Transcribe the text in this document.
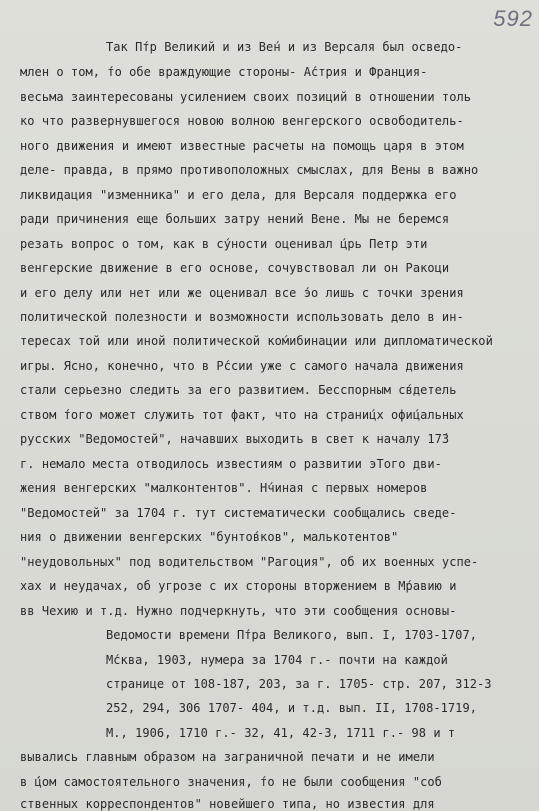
592
Так П́тр Великий и из Вен́ и из Версаля был осведо-
млен о том, ́то обе враждующие стороны- А́стрия и Франция-
весьма заинтересованы усилением своих позиций в отношении толь
ко что развернувшегося новою волною венгерского освободитель-
ного движения и имеют известные расчеты на помощь царя в этом
деле- правда, в прямо противоположных смыслах, для Вены в важно
ликвидация "изменника" и его дела, для Версаля поддержка его
ради причинения еще больших затру нений Вене. Мы не беремся
резать вопрос о том, как в су́ности оценивал ц́рь Петр эти
венгерские движение в его основе, сочувствовал ли он Ракоци
и его делу или нет или же оценивал все э́о лишь с точки зрения
политической полезности и возможности использовать дело в ин-
тересах той или иной политической ком́ибинации или дипломатической
игры. Ясно, конечно, что в Р́ссии уже с самого начала движения
стали серьезно следить за его развитием. Бесспорным св́детель
ством ́того может служить тот факт, что на страниц́х офиц́альных
русских "Ведомостей", начавших выходить в свет к началу 17́3
г. немало места отводилось известиям о развитии эТого дви-
жения венгерских "малконтентов". Н́чиная с первых номеров
"Ведомостей" за 1704 г. тут систематически сообщались сведе-
ния о движении венгерских "бунтов́ков", малькотентов"
"неудовольных" под водительством "Рагоция", об их военных успе-
хах и неудачах, об угрозе с их стороны вторжением в М́равию и
вв Чехию и т.д. Нужно подчеркнуть, что эти сообщения основы-
Ведомости времени П́тра Великого, вып. I, 1703-1707,
М́сква, 1903, нумера за 1704 г.- почти на каждой
странице от 108-187, 203, за г. 1705- стр. 207, 312-3
252, 294, 306 1707- 404, и т.д. вып. II, 1708-1719,
М., 1906, 1710 г.- 32, 41, 42-3, 1711 г.- 98 и т
вывались главным образом на заграничной печати и не имели
в ц́́ом самостоятельного значения, ́то не были сообщения "соб
ственных корреспондентов" новейшего типа, но известия для
